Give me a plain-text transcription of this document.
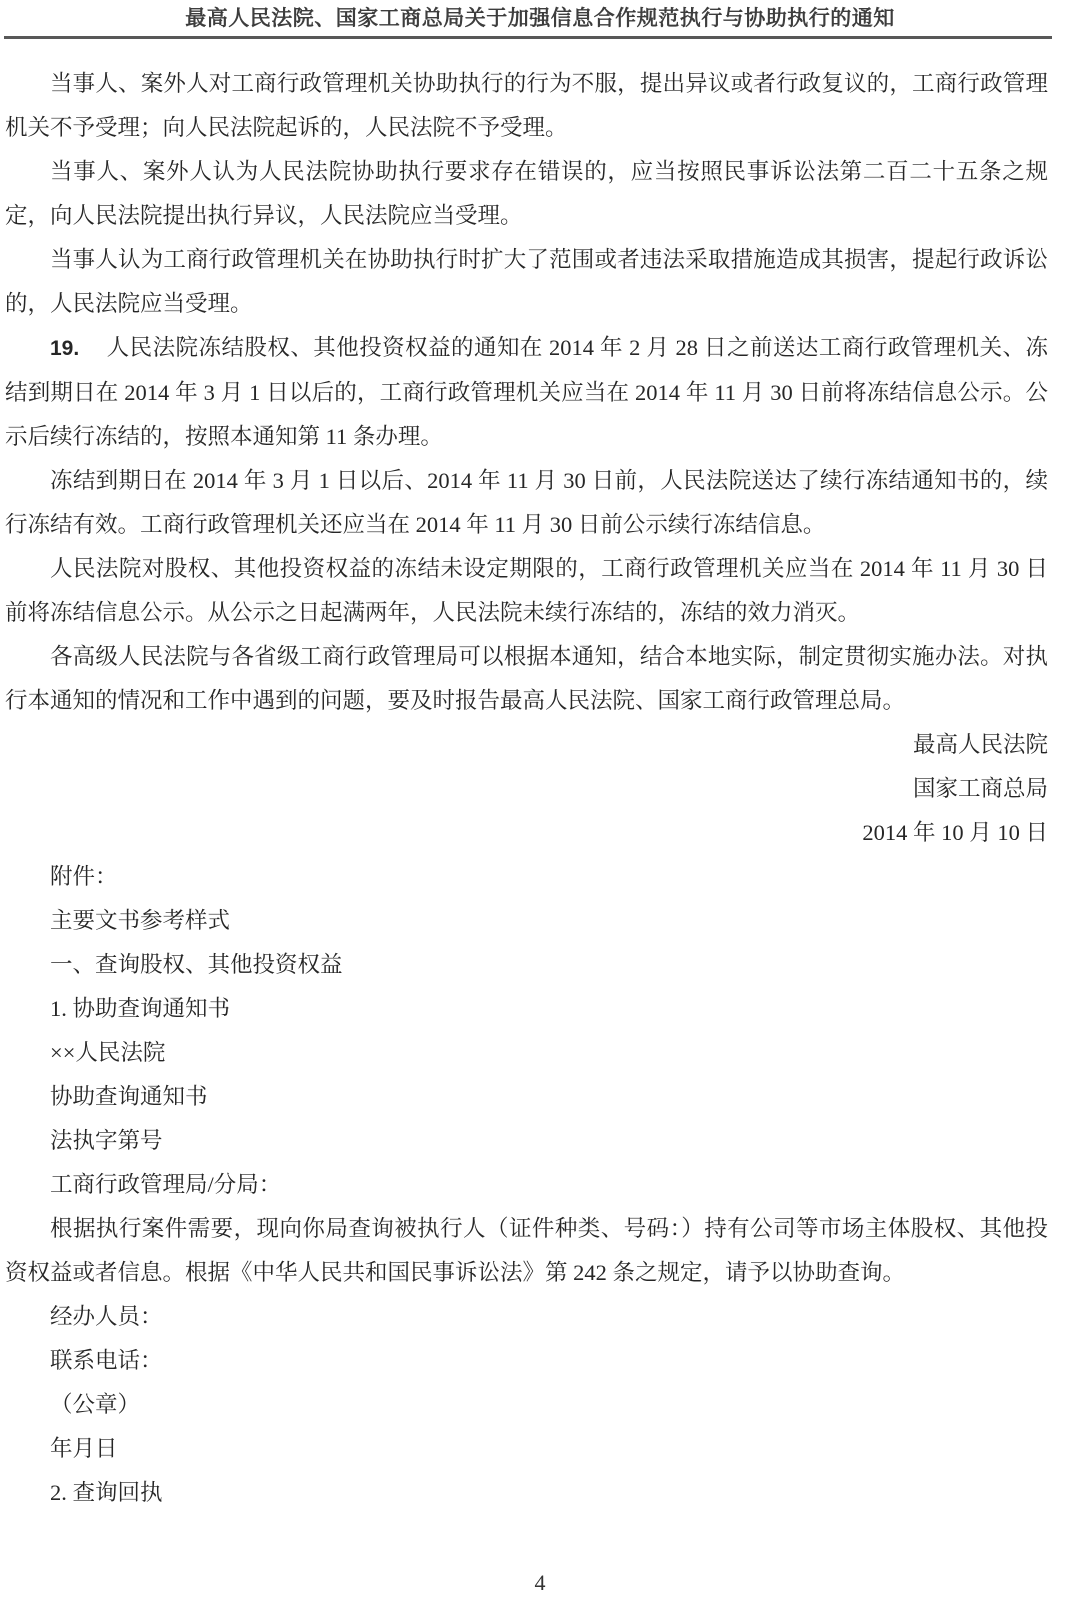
最高人民法院、国家工商总局关于加强信息合作规范执行与协助执行的通知

当事人、案外人对工商行政管理机关协助执行的行为不服，提出异议或者行政复议的，工商行政管理机关不予受理；向人民法院起诉的，人民法院不予受理。

当事人、案外人认为人民法院协助执行要求存在错误的，应当按照民事诉讼法第二百二十五条之规定，向人民法院提出执行异议，人民法院应当受理。

当事人认为工商行政管理机关在协助执行时扩大了范围或者违法采取措施造成其损害，提起行政诉讼的，人民法院应当受理。

19. 人民法院冻结股权、其他投资权益的通知在 2014 年 2 月 28 日之前送达工商行政管理机关、冻结到期日在 2014 年 3 月 1 日以后的，工商行政管理机关应当在 2014 年 11 月 30 日前将冻结信息公示。公示后续行冻结的，按照本通知第 11 条办理。

冻结到期日在 2014 年 3 月 1 日以后、2014 年 11 月 30 日前，人民法院送达了续行冻结通知书的，续行冻结有效。工商行政管理机关还应当在 2014 年 11 月 30 日前公示续行冻结信息。

人民法院对股权、其他投资权益的冻结未设定期限的，工商行政管理机关应当在 2014 年 11 月 30 日前将冻结信息公示。从公示之日起满两年，人民法院未续行冻结的，冻结的效力消灭。

各高级人民法院与各省级工商行政管理局可以根据本通知，结合本地实际，制定贯彻实施办法。对执行本通知的情况和工作中遇到的问题，要及时报告最高人民法院、国家工商行政管理总局。

最高人民法院

国家工商总局

2014 年 10 月 10 日

附件：

主要文书参考样式

一、查询股权、其他投资权益

1. 协助查询通知书

××人民法院

协助查询通知书

法执字第号

工商行政管理局/分局：

根据执行案件需要，现向你局查询被执行人（证件种类、号码：）持有公司等市场主体股权、其他投资权益或者信息。根据《中华人民共和国民事诉讼法》第 242 条之规定，请予以协助查询。

经办人员：

联系电话：

（公章）

年月日

2. 查询回执

4
